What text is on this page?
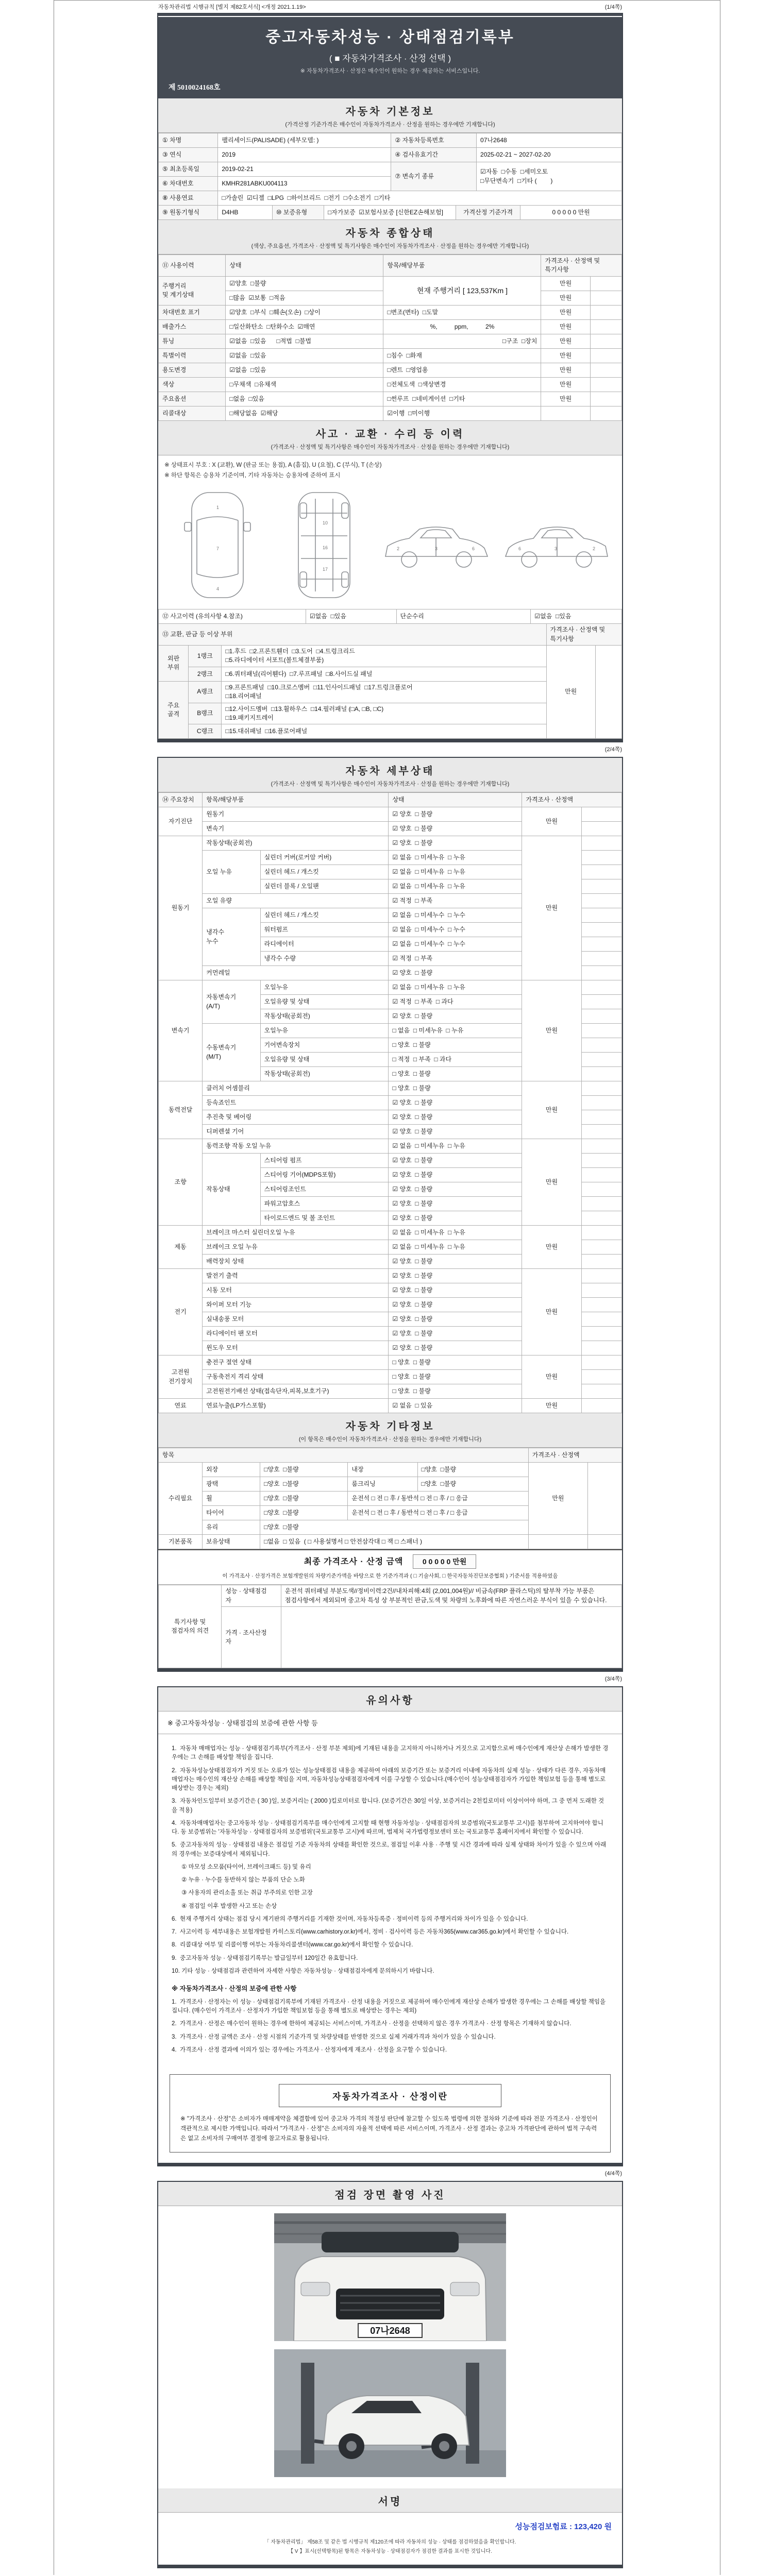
자동차관리법 시행규칙 [별지 제82호서식] <개정 2021.1.19>	(1/4쪽)
중고자동차성능 · 상태점검기록부
( ■ 자동차가격조사 · 산정 선택 )
※ 자동차가격조사 · 산정은 매수인이 원하는 경우 제공하는 서비스입니다.
제 5010024168호
자동차 기본정보
(가격산정 기준가격은 매수인이 자동차가격조사 · 산정을 원하는 경우에만 기재합니다)
① 차명	팰리세이드(PALISADE) (세부모델: )	② 자동차등록번호	07나2648
③ 연식	2019	④ 검사유효기간	2025-02-21 ~ 2027-02-20
⑤ 최초등록일	2019-02-21	⑦ 변속기 종류	☑자동  □수동  □세미오토
□무단변속기  □기타 (        )
⑥ 차대번호	KMHR281ABKU004113		
⑧ 사용연료	□가솔린  ☑디젤  □LPG  □하이브리드  □전기  □수소전기  □기타		
⑨ 원동기형식	D4HB	⑩ 보증유형	□자가보증  ☑보험사보증 [신한EZ손해보험]	가격산정 기준가격	0 0 0 0 0 만원
자동차 종합상태
(색상, 주요옵션, 가격조사 · 산정액 및 특기사항은 매수인이 자동차가격조사 · 산정을 원하는 경우에만 기재합니다)
⑪ 사용이력	상태	항목/해당부품	가격조사 · 산정액 및 특기사항	
주행거리
및 계기상태	☑양호  □불량	현재 주행거리 [ 123,537Km ]	만원	
	□많음  ☑보통  □적음		만원	
차대번호 표기	☑양호  □부식  □훼손(오손)  □상이	□변조(변타)  □도말	만원	
배출가스	□일산화탄소  □탄화수소  ☑매연	%,          ppm,          2%	만원	
튜닝	☑없음  □있음      □적법  □불법	□구조  □장치	만원	
특별이력	☑없음  □있음	□침수  □화재	만원	
용도변경	☑없음  □있음	□렌트  □영업용	만원	
색상	□무채색  □유채색	□전체도색  □색상변경	만원	
주요옵션	□없음  □있음	□썬루프  □네비게이션  □기타	만원	
리콜대상	□해당없음  ☑해당	☑이행  □미이행		
사고 · 교환 · 수리 등 이력
(가격조사 · 산정액 및 특기사항은 매수인이 자동차가격조사 · 산정을 원하는 경우에만 기재합니다)
※ 상태표시 부호 : X (교환), W (판금 또는 용접), A (흠집), U (요철), C (부식), T (손상)
※ 하단 항목은 승용차 기준이며, 기타 자동차는 승용차에 준하여 표시
1
7
4
10
16
17
2	3	6	6	3	2
⑫ 사고이력 (유의사항 4.참조)	☑없음  □있음	단순수리	☑없음  □있음
⑬ 교환, 판금 등 이상 부위			가격조사 · 산정액 및 특기사항	
외판
부위	1랭크	□1.후드  □2.프론트휀더  □3.도어  □4.트렁크리드
□5.라디에이터 서포트(볼트체결부품)	만원	
	2랭크	□6.쿼터패널(리어휀다)  □7.루프패널  □8.사이드실 패널		
주요
골격	A랭크	□9.프론트패널  □10.크로스멤버  □11.인사이드패널  □17.트렁크플로어
□18.리어패널		
	B랭크	□12.사이드멤버  □13.휠하우스  □14.필러패널 (□A, □B, □C)
□19.패키지트레이		
	C랭크	□15.대쉬패널  □16.플로어패널		
(2/4쪽)
자동차 세부상태
(가격조사 · 산정액 및 특기사항은 매수인이 자동차가격조사 · 산정을 원하는 경우에만 기재합니다)
⑭ 주요장치	항목/해당부품		상태	가격조사 · 산정액	
자기진단	원동기		☑ 양호  □ 불량	만원	
	변속기		☑ 양호  □ 불량		
원동기	작동상태(공회전)		☑ 양호  □ 불량	만원	
	오일 누유	실린더 커버(로커암 커버)	☑ 없음  □ 미세누유  □ 누유		
		실린더 헤드 / 개스킷	☑ 없음  □ 미세누유  □ 누유		
		실린더 블록 / 오일팬	☑ 없음  □ 미세누유  □ 누유		
	오일 유량		☑ 적정  □ 부족		
	냉각수
누수	실린더 헤드 / 개스킷	☑ 없음  □ 미세누수  □ 누수		
		워터펌프	☑ 없음  □ 미세누수  □ 누수		
		라디에이터	☑ 없음  □ 미세누수  □ 누수		
		냉각수 수량	☑ 적정  □ 부족		
	커먼레일		☑ 양호  □ 불량		
변속기	자동변속기
(A/T)	오일누유	☑ 없음  □ 미세누유  □ 누유	만원	
		오일유량 및 상태	☑ 적정  □ 부족  □ 과다		
		작동상태(공회전)	☑ 양호  □ 불량		
	수동변속기
(M/T)	오일누유	□ 없음  □ 미세누유  □ 누유		
		기어변속장치	□ 양호  □ 불량		
		오일유량 및 상태	□ 적정  □ 부족  □ 과다		
		작동상태(공회전)	□ 양호  □ 불량		
동력전달	클러치 어셈블리		□ 양호  □ 불량	만원	
	등속죠인트		☑ 양호  □ 불량		
	추진축 및 베어링		☑ 양호  □ 불량		
	디퍼렌셜 기어		☑ 양호  □ 불량		
조향	동력조향 작동 오일 누유		☑ 없음  □ 미세누유  □ 누유	만원	
	작동상태	스티어링 펌프	☑ 양호  □ 불량		
		스티어링 기어(MDPS포함)	☑ 양호  □ 불량		
		스티어링조인트	☑ 양호  □ 불량		
		파워고압호스	☑ 양호  □ 불량		
		타이로드엔드 및 볼 조인트	☑ 양호  □ 불량		
제동	브레이크 마스터 실린더오일 누유		☑ 없음  □ 미세누유  □ 누유	만원	
	브레이크 오일 누유		☑ 없음  □ 미세누유  □ 누유		
	배력장치 상태		☑ 양호  □ 불량		
전기	발전기 출력		☑ 양호  □ 불량	만원	
	시동 모터		☑ 양호  □ 불량		
	와이퍼 모터 기능		☑ 양호  □ 불량		
	실내송풍 모터		☑ 양호  □ 불량		
	라디에이터 팬 모터		☑ 양호  □ 불량		
	윈도우 모터		☑ 양호  □ 불량		
고전원
전기장치	충전구 절연 상태		□ 양호  □ 불량	만원	
	구동축전지 격리 상태		□ 양호  □ 불량		
	고전원전기배선 상태(접속단자,피복,보호기구)		□ 양호  □ 불량		
연료	연료누출(LP가스포함)		☑ 없음  □ 있음	만원	
자동차 기타정보
(이 항목은 매수인이 자동차가격조사 · 산정을 원하는 경우에만 기재합니다)
항목					가격조사 · 산정액	
수리필요	외장	□양호  □불량	내장	□양호  □불량	만원	
	광택	□양호  □불량	룸크리닝	□양호  □불량		
	휠	□양호  □불량	운전석 □ 전 □ 후 / 동반석 □ 전 □ 후 / □ 응급			
	타이어	□양호  □불량	운전석 □ 전 □ 후 / 동반석 □ 전 □ 후 / □ 응급			
	유리	□양호  □불량				
기본품목	보유상태	□없음  □ 있음  ( □ 사용설명서 □ 안전삼각대 □ 잭 □ 스패너 )				
최종 가격조사 · 산정 금액	0 0 0 0 0 만원
이 가격조사 · 산정가격은 보험개발원의 차량기준가액을 바탕으로 한 기준가격과 ( □ 기술사회, □ 한국자동차진단보증협회 ) 기준서를 적용하였음
특기사항 및
점검자의 의견	성능 · 상태점검
자	운전석 쿼터패널 부분도색//정비이력:2건//내차피해:4회 (2,001,004원)// 비금속(FRP 플라스틱)의 탈부착 가능 부품은 점검사항에서 제외되며 중고차 특성 상 부분적인 판금,도색 및 차량의 노후화에 따른 자연스러운 부식이 있을 수 있습니다.
	가격 · 조사산정
자	
(3/4쪽)
유의사항
※ 중고자동차성능 · 상태점검의 보증에 관한 사항 등
1.  자동차 매매업자는 성능 · 상태점검기록부(가격조사 · 산정 부분 제외)에 기재된 내용을 고지하지 아니하거나 거짓으로 고지함으로써 매수인에게 재산상 손해가 발생한 경우에는 그 손해를 배상할 책임을 집니다.
2.  자동차성능상태점검자가 거짓 또는 오류가 있는 성능상태점검 내용을 제공하여 아래의 보증기간 또는 보증거리 이내에 자동차의 실제 성능 · 상태가 다른 경우, 자동차매매업자는 매수인의 재산상 손해를 배상할 책임을 지며, 자동차성능상태점검자에게 이를 구상할 수 있습니다.(매수인이 성능상태점검자가 가입한 책임보험 등을 통해 별도로 배상받는 경우는 제외)
3.  자동차인도일부터 보증기간은 ( 30 )일, 보증거리는 ( 2000 )킬로미터로 합니다. (보증기간은 30일 이상, 보증거리는 2천킬로미터 이상이어야 하며, 그 중 먼저 도래한 것을 적용)
4.  자동차매매업자는 중고자동차 성능 · 상태점검기록부를 매수인에게 고지할 때 현행 자동차성능 · 상태점검자의 보증범위(국토교통부 고시)를 첨부하여 고지하여야 합니다. 동 보증범위는 '자동차성능 · 상태점검자의 보증범위'(국토교통부 고시)에 따르며, 법제처 국가법령정보센터 또는 국토교통부 홈페이지에서 확인할 수 있습니다.
5.  중고자동차의 성능 · 상태점검 내용은 점검일 기준 자동차의 상태를 확인한 것으로, 점검일 이후 사용 · 주행 및 시간 경과에 따라 실제 상태와 차이가 있을 수 있으며 아래의 경우에는 보증대상에서 제외됩니다.
① 마모성 소모품(타이어, 브레이크패드 등) 및 유리
② 누유 · 누수를 동반하지 않는 부품의 단순 노화
③ 사용자의 관리소홀 또는 취급 부주의로 인한 고장
④ 점검일 이후 발생한 사고 또는 손상
6.  현재 주행거리 상태는 점검 당시 계기판의 주행거리를 기재한 것이며, 자동차등록증 · 정비이력 등의 주행거리와 차이가 있을 수 있습니다.
7.  사고이력 등 세부내용은 보험개발원 카히스토리(www.carhistory.or.kr)에서, 정비 · 검사이력 등은 자동차365(www.car365.go.kr)에서 확인할 수 있습니다.
8.  리콜대상 여부 및 리콜이행 여부는 자동차리콜센터(www.car.go.kr)에서 확인할 수 있습니다.
9.  중고자동차 성능 · 상태점검기록부는 발급일부터 120일간 유효합니다.
10. 기타 성능 · 상태점검과 관련하여 자세한 사항은 자동차성능 · 상태점검자에게 문의하시기 바랍니다.
※ 자동차가격조사 · 산정의 보증에 관한 사항
1.  가격조사 · 산정자는 이 성능 · 상태점검기록부에 기재된 가격조사 · 산정 내용을 거짓으로 제공하여 매수인에게 재산상 손해가 발생한 경우에는 그 손해를 배상할 책임을 집니다. (매수인이 가격조사 · 산정자가 가입한 책임보험 등을 통해 별도로 배상받는 경우는 제외)
2.  가격조사 · 산정은 매수인이 원하는 경우에 한하여 제공되는 서비스이며, 가격조사 · 산정을 선택하지 않은 경우 가격조사 · 산정 항목은 기재하지 않습니다.
3.  가격조사 · 산정 금액은 조사 · 산정 시점의 기준가격 및 차량상태를 반영한 것으로 실제 거래가격과 차이가 있을 수 있습니다.
4.  가격조사 · 산정 결과에 이의가 있는 경우에는 가격조사 · 산정자에게 재조사 · 산정을 요구할 수 있습니다.
자동차가격조사 · 산정이란
※ "가격조사 · 산정"은 소비자가 매매계약을 체결함에 있어 중고차 가격의 적절성 판단에 참고할 수 있도록 법령에 의한 절차와 기준에 따라 전문 가격조사 · 산정인이 객관적으로 제시한 가액입니다. 따라서 "가격조사 · 산정"은 소비자의 자율적 선택에 따른 서비스이며, 가격조사 · 산정 결과는 중고차 가격판단에 관하여 법적 구속력은 없고 소비자의 구매여부 결정에 참고자료로 활용됩니다.
(4/4쪽)
점검 장면 촬영 사진
07나2648
서명
성능점검보험료 : 123,420 원
「 자동차관리법」 제58조 및 같은 법 시행규칙 제120조에 따라 자동차의 성능 · 상태를 점검하였음을 확인합니다.
【 V 】표시(선택항목)된 항목은 자동차성능 · 상태점검자가 점검한 결과를 표시한 것입니다.
